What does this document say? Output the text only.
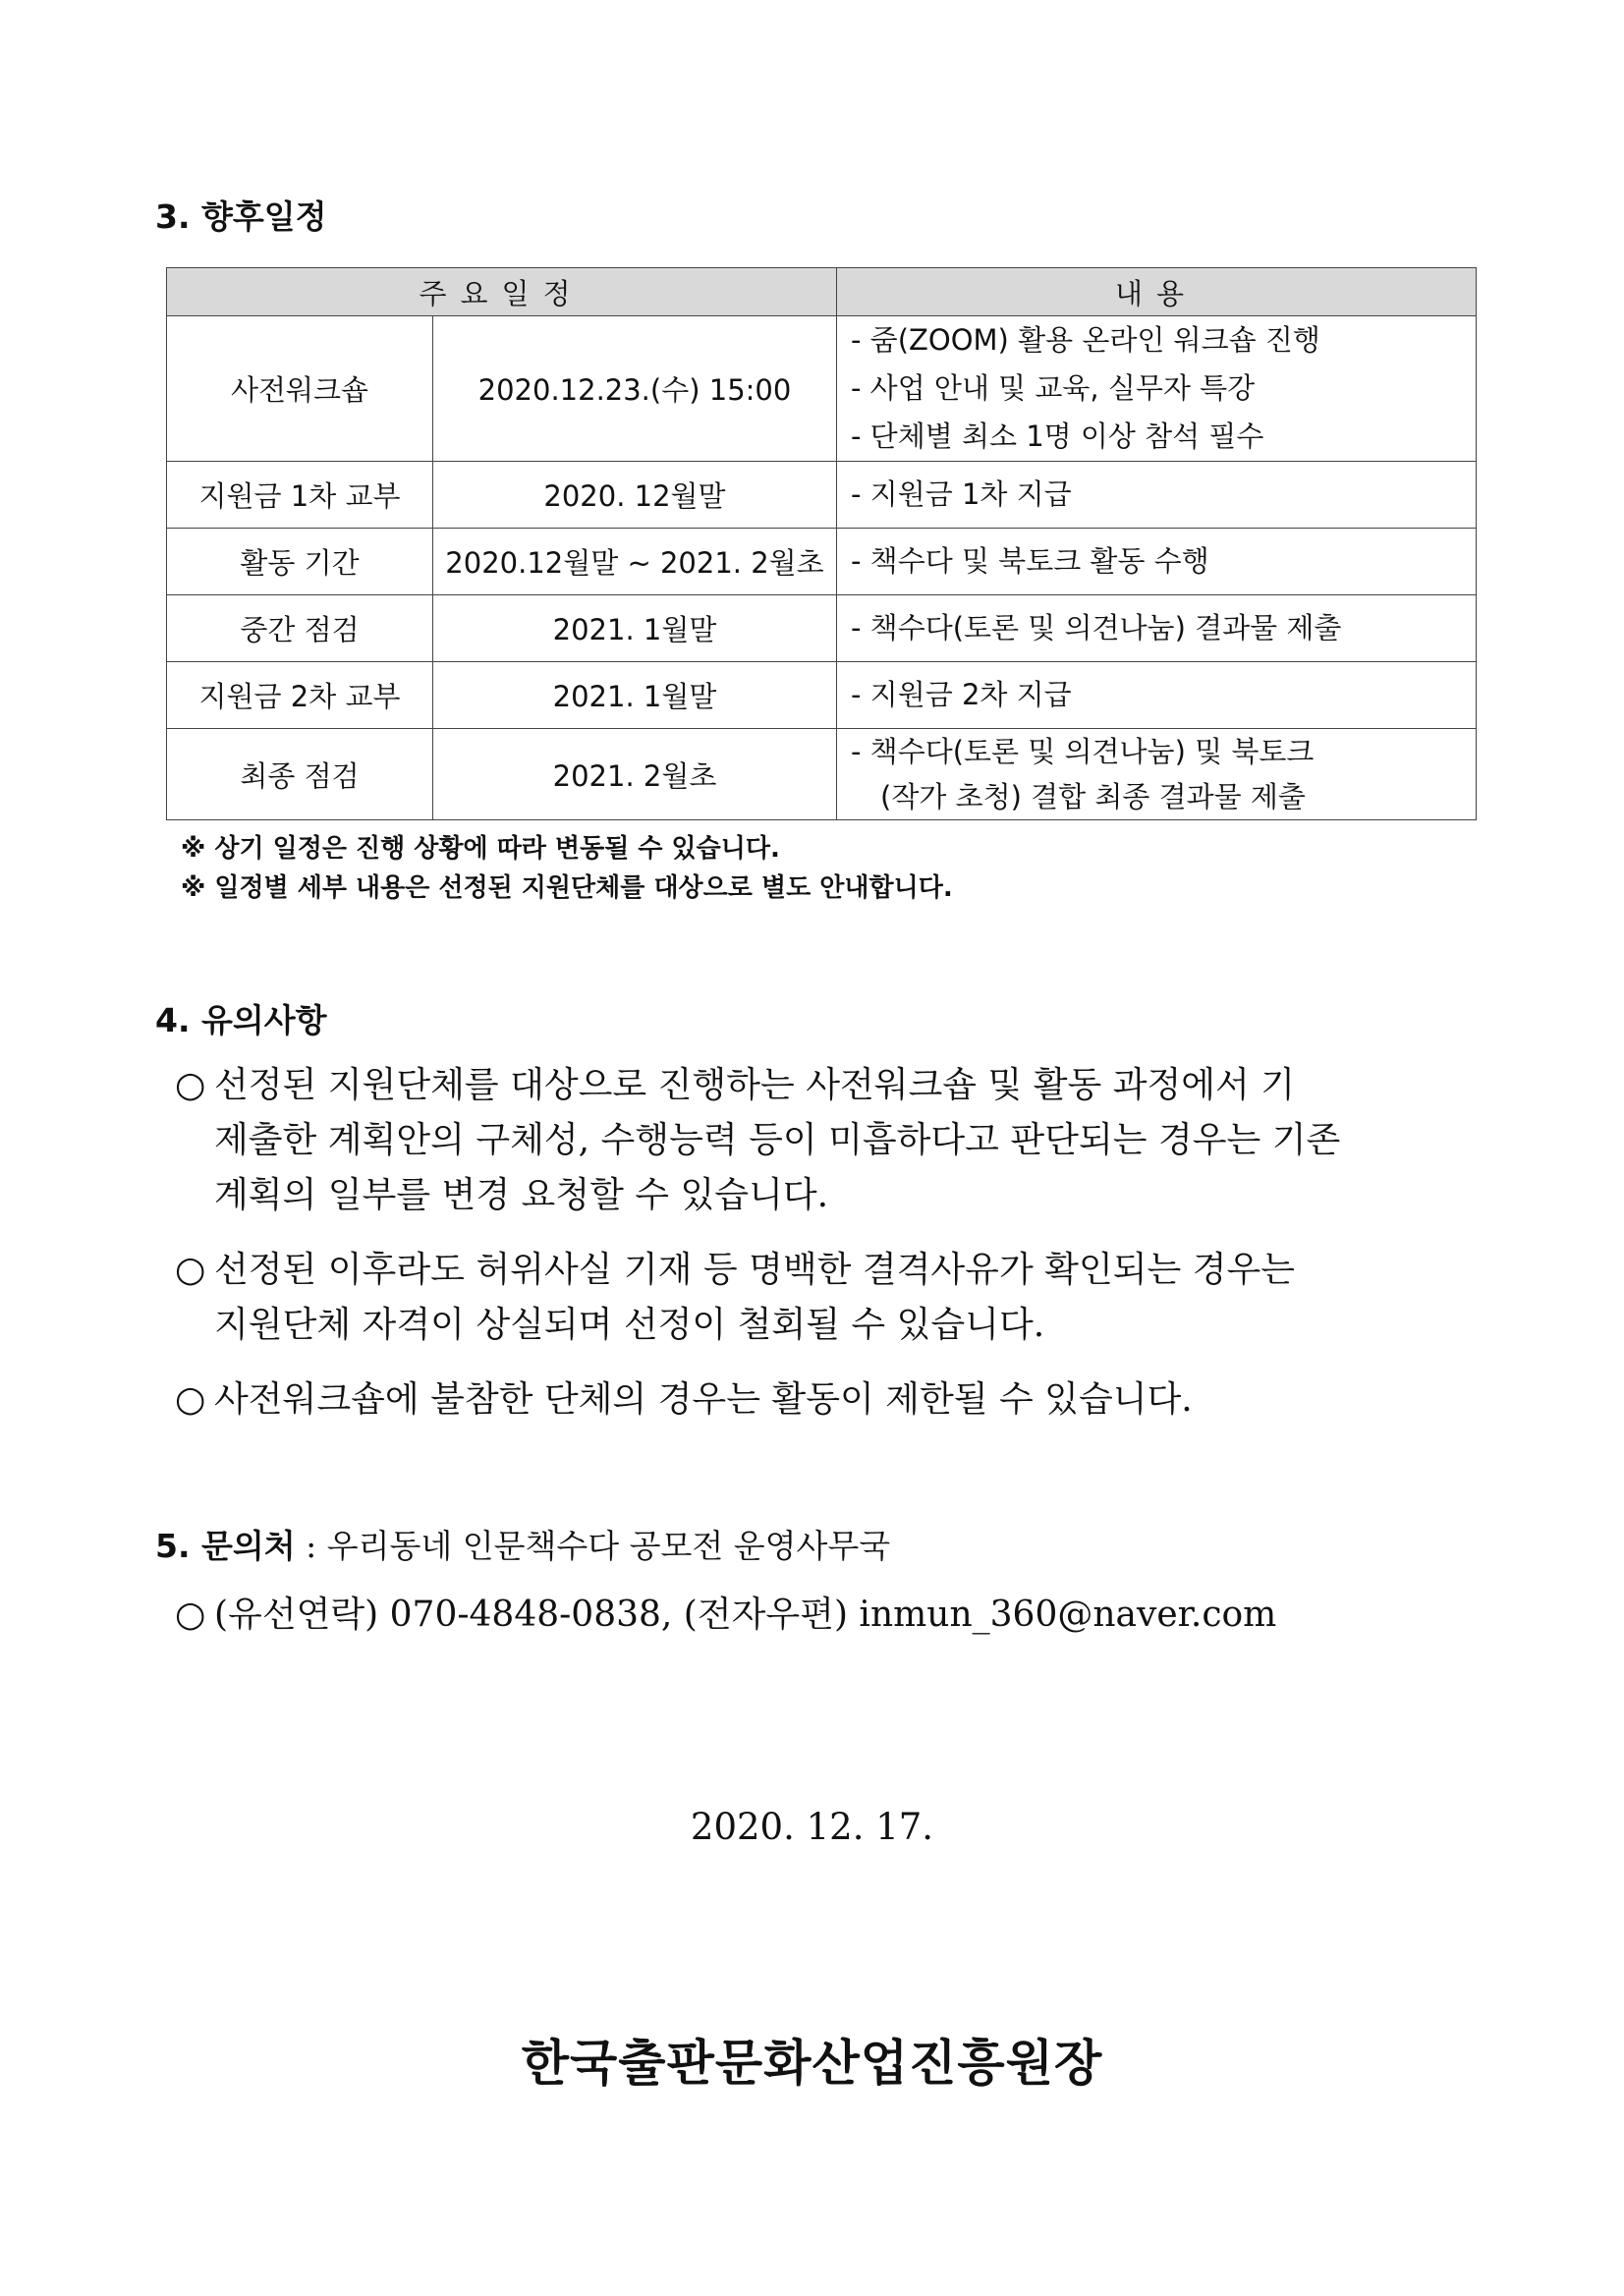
3. 향후일정
주요일정		내용
사전워크숍	2020.12.23.(수) 15:00	- 줌(ZOOM) 활용 온라인 워크숍 진행
- 사업 안내 및 교육, 실무자 특강
- 단체별 최소 1명 이상 참석 필수

지원금 1차 교부	2020. 12월말	- 지원금 1차 지급

활동 기간	2020.12월말 ~ 2021. 2월초	- 책수다 및 북토크 활동 수행

중간 점검	2021. 1월말	- 책수다(토론 및 의견나눔) 결과물 제출

지원금 2차 교부	2021. 1월말	- 지원금 2차 지급

최종 점검	2021. 2월초	- 책수다(토론 및 의견나눔) 및 북토크
(작가 초청) 결합 최종 결과물 제출
※ 상기 일정은 진행 상황에 따라 변동될 수 있습니다.
※ 일정별 세부 내용은 선정된 지원단체를 대상으로 별도 안내합니다.
4. 유의사항
○ 선정된 지원단체를 대상으로 진행하는 사전워크숍 및 활동 과정에서 기
제출한 계획안의 구체성, 수행능력 등이 미흡하다고 판단되는 경우는 기존
계획의 일부를 변경 요청할 수 있습니다.
○ 선정된 이후라도 허위사실 기재 등 명백한 결격사유가 확인되는 경우는
지원단체 자격이 상실되며 선정이 철회될 수 있습니다.
○ 사전워크숍에 불참한 단체의 경우는 활동이 제한될 수 있습니다.
5. 문의처 : 우리동네 인문책수다 공모전 운영사무국
○ (유선연락) 070-4848-0838, (전자우편) inmun_360@naver.com
2020. 12. 17.
한국출판문화산업진흥원장
